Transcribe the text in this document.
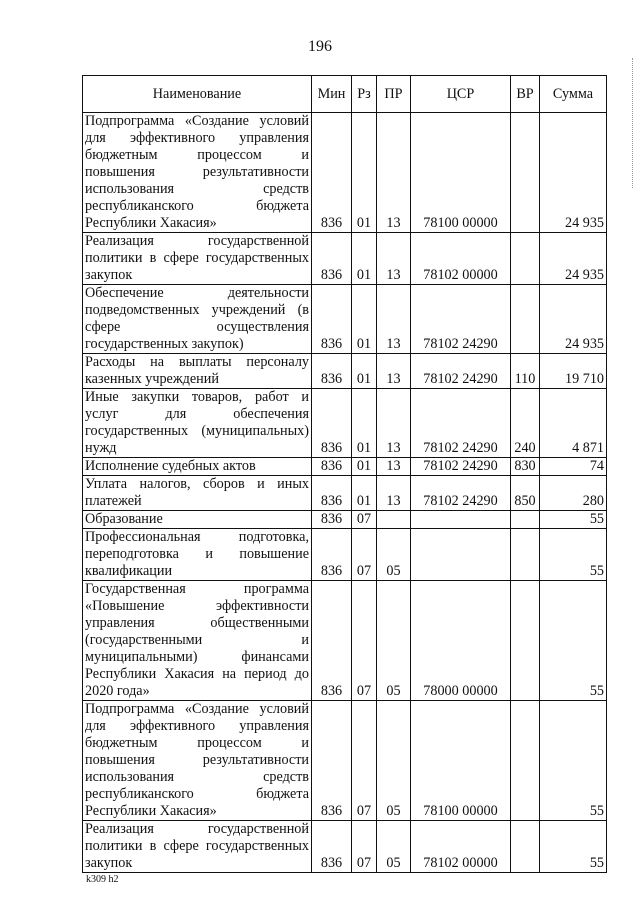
196
Наименование	Мин	Рз	ПР	ЦСР	ВР	Сумма
Подпрограмма «Создание условий для эффективного управления бюджетным процессом и повышения результативности использования средств республиканского бюджета Республики Хакасия»	836	01	13	78100 00000		24 935
Реализация государственной политики в сфере государственных закупок	836	01	13	78102 00000		24 935
Обеспечение деятельности подведомственных учреждений (в сфере осуществления государственных закупок)	836	01	13	78102 24290		24 935
Расходы на выплаты персоналу казенных учреждений	836	01	13	78102 24290	110	19 710
Иные закупки товаров, работ и услуг для обеспечения государственных (муниципальных) нужд	836	01	13	78102 24290	240	4 871
Исполнение судебных актов	836	01	13	78102 24290	830	74
Уплата налогов, сборов и иных платежей	836	01	13	78102 24290	850	280
Образование	836	07				55
Профессиональная подготовка, переподготовка и повышение квалификации	836	07	05			55
Государственная программа «Повышение эффективности управления общественными (государственными и муниципальными) финансами Республики Хакасия на период до 2020 года»	836	07	05	78000 00000		55
Подпрограмма «Создание условий для эффективного управления бюджетным процессом и повышения результативности использования средств республиканского бюджета Республики Хакасия»	836	07	05	78100 00000		55
Реализация государственной политики в сфере государственных закупок	836	07	05	78102 00000		55
k309 h2
